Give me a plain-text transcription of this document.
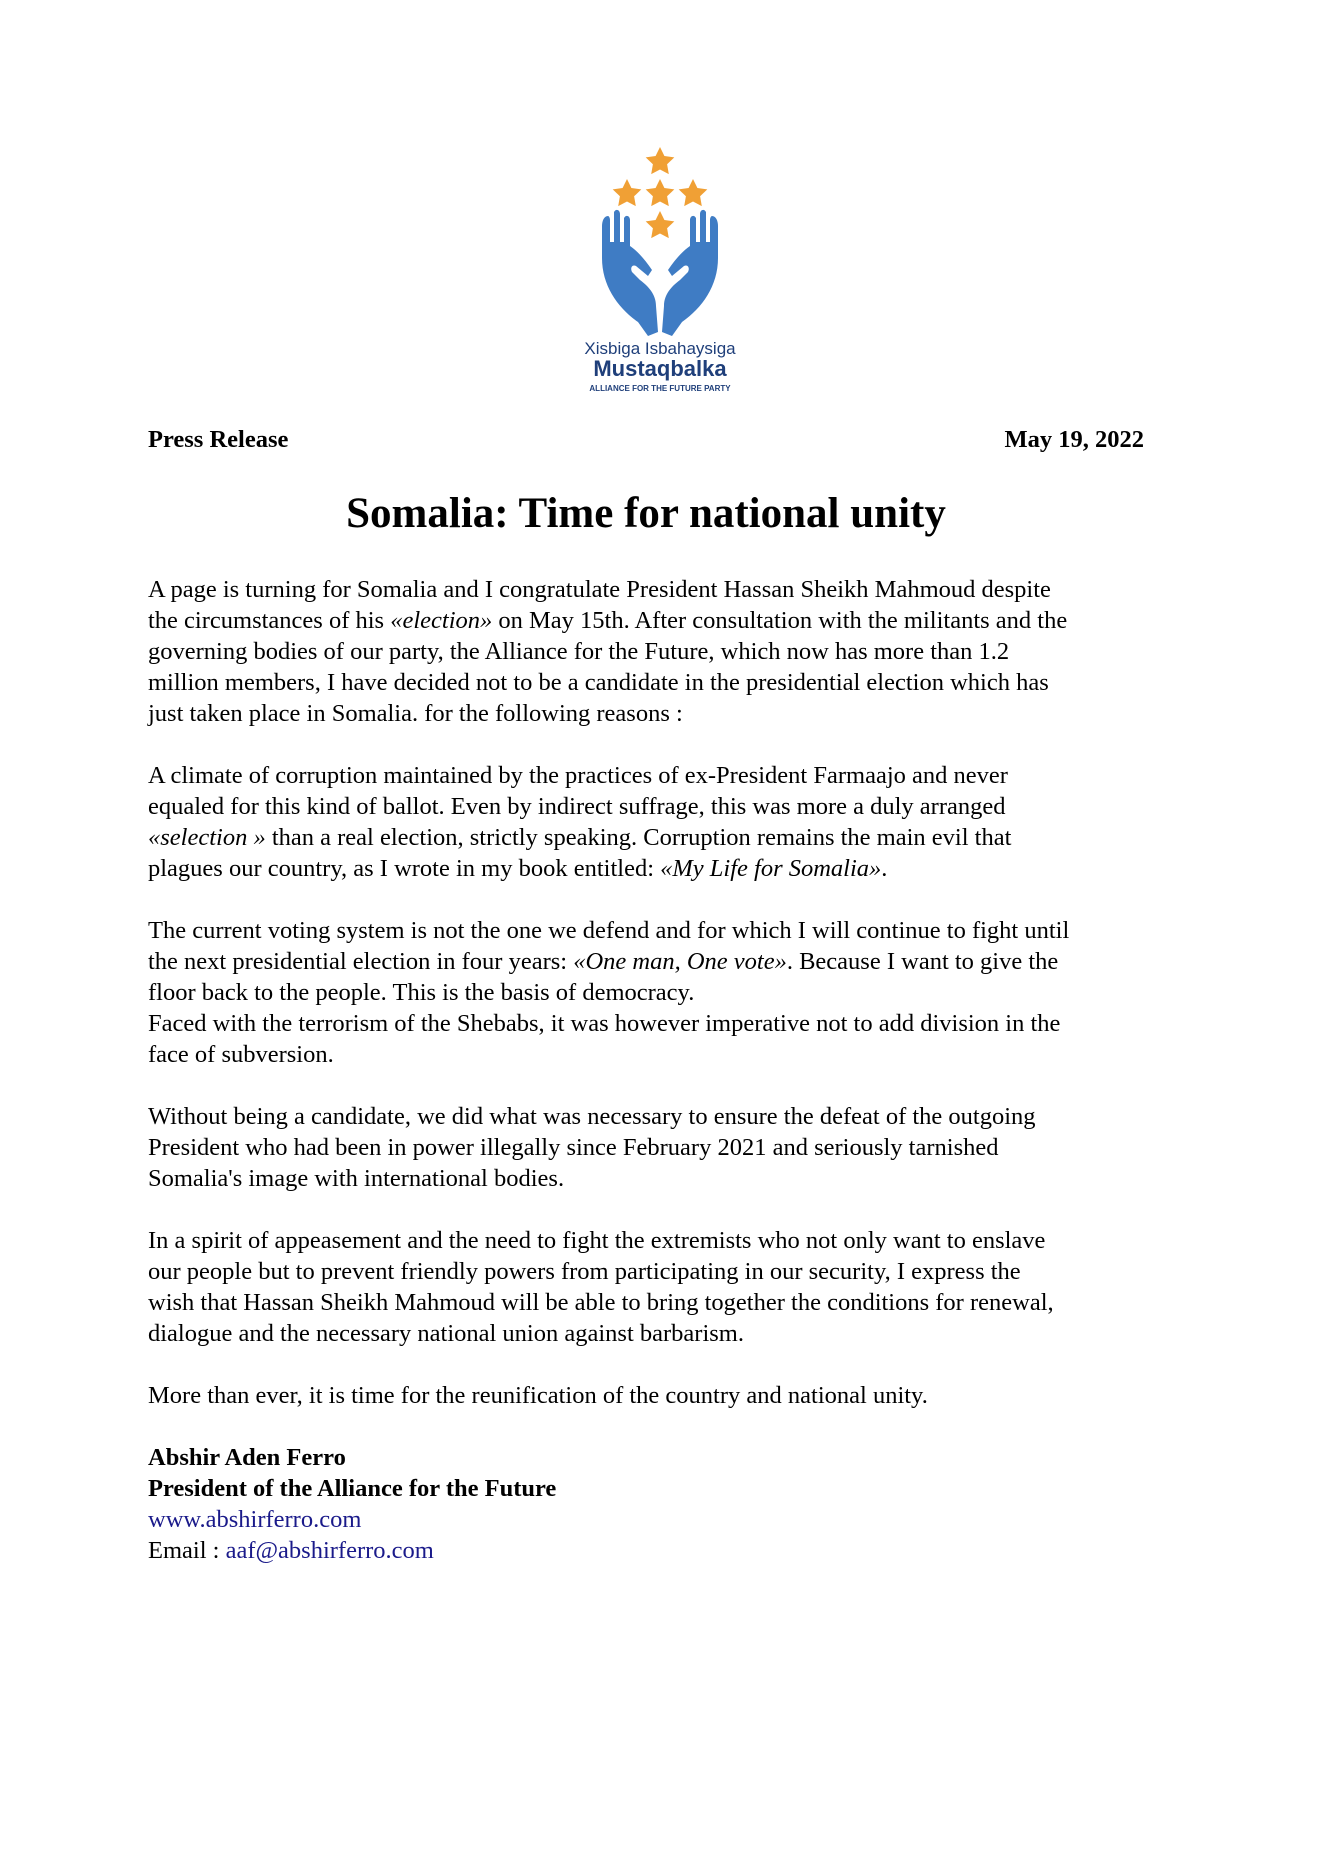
Xisbiga Isbahaysiga
Mustaqbalka
ALLIANCE FOR THE FUTURE PARTY
Press Release	May 19, 2022
Somalia: Time for national unity
A page is turning for Somalia and I congratulate President Hassan Sheikh Mahmoud despite
the circumstances of his «election» on May 15th. After consultation with the militants and the
governing bodies of our party, the Alliance for the Future, which now has more than 1.2
million members, I have decided not to be a candidate in the presidential election which has
just taken place in Somalia. for the following reasons :
A climate of corruption maintained by the practices of ex-President Farmaajo and never
equaled for this kind of ballot. Even by indirect suffrage, this was more a duly arranged
«selection » than a real election, strictly speaking. Corruption remains the main evil that
plagues our country, as I wrote in my book entitled: «My Life for Somalia».
The current voting system is not the one we defend and for which I will continue to fight until
the next presidential election in four years: «One man, One vote». Because I want to give the
floor back to the people. This is the basis of democracy.
Faced with the terrorism of the Shebabs, it was however imperative not to add division in the
face of subversion.
Without being a candidate, we did what was necessary to ensure the defeat of the outgoing
President who had been in power illegally since February 2021 and seriously tarnished
Somalia's image with international bodies.
In a spirit of appeasement and the need to fight the extremists who not only want to enslave
our people but to prevent friendly powers from participating in our security, I express the
wish that Hassan Sheikh Mahmoud will be able to bring together the conditions for renewal,
dialogue and the necessary national union against barbarism.
More than ever, it is time for the reunification of the country and national unity.
Abshir Aden Ferro
President of the Alliance for the Future
www.abshirferro.com
Email : aaf@abshirferro.com
